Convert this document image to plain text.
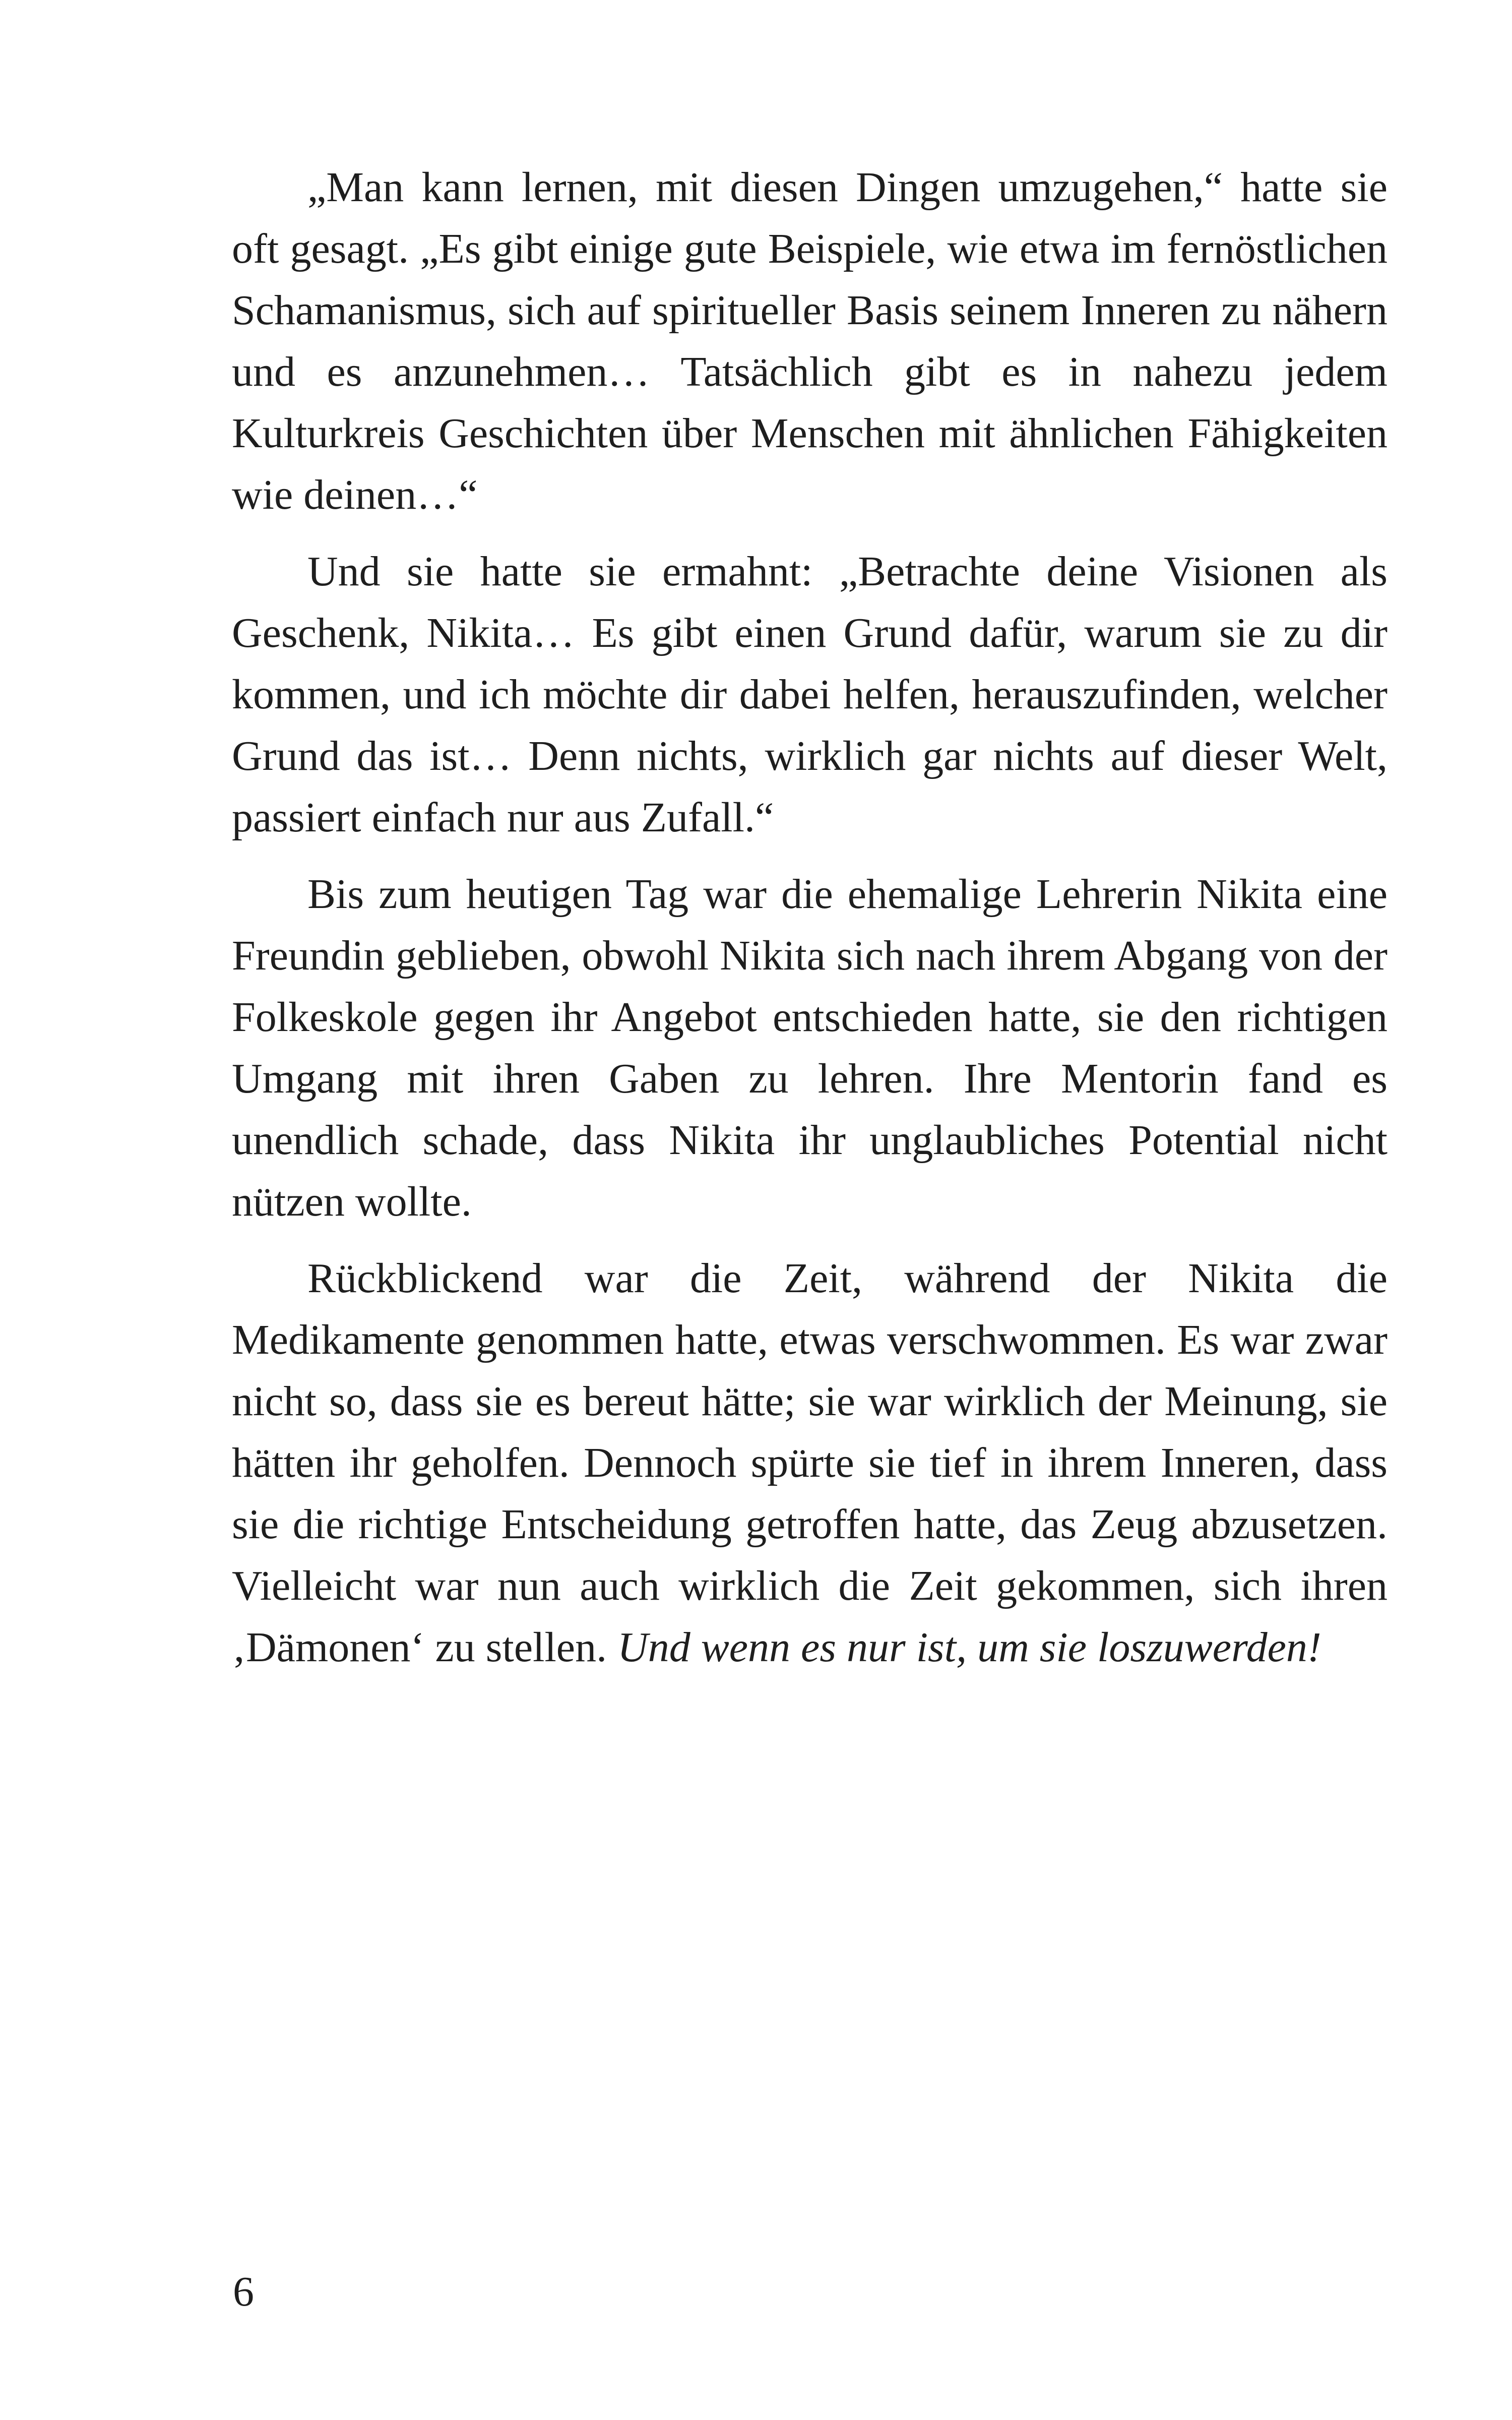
„Man kann lernen, mit diesen Dingen umzugehen,“ hatte sie oft gesagt. „Es gibt einige gute Beispiele, wie etwa im fernöstlichen Schamanismus, sich auf spiritueller Basis seinem Inneren zu nähern und es anzunehmen… Tatsächlich gibt es in nahezu jedem Kulturkreis Geschichten über Menschen mit ähnlichen Fähigkeiten wie deinen…“

Und sie hatte sie ermahnt: „Betrachte deine Visionen als Geschenk, Nikita… Es gibt einen Grund dafür, warum sie zu dir kommen, und ich möchte dir dabei helfen, herauszufinden, welcher Grund das ist… Denn nichts, wirklich gar nichts auf dieser Welt, passiert einfach nur aus Zufall.“

Bis zum heutigen Tag war die ehemalige Lehrerin Nikita eine Freundin geblieben, obwohl Nikita sich nach ihrem Abgang von der Folkeskole gegen ihr Angebot entschieden hatte, sie den richtigen Umgang mit ihren Gaben zu lehren. Ihre Mentorin fand es unendlich schade, dass Nikita ihr unglaubliches Potential nicht nützen wollte.

Rückblickend war die Zeit, während der Nikita die Medikamente genommen hatte, etwas verschwommen. Es war zwar nicht so, dass sie es bereut hätte; sie war wirklich der Meinung, sie hätten ihr geholfen. Dennoch spürte sie tief in ihrem Inneren, dass sie die richtige Entscheidung getroffen hatte, das Zeug abzusetzen. Vielleicht war nun auch wirklich die Zeit gekommen, sich ihren ‚Dämonen‘ zu stellen. Und wenn es nur ist, um sie loszuwerden!

6
